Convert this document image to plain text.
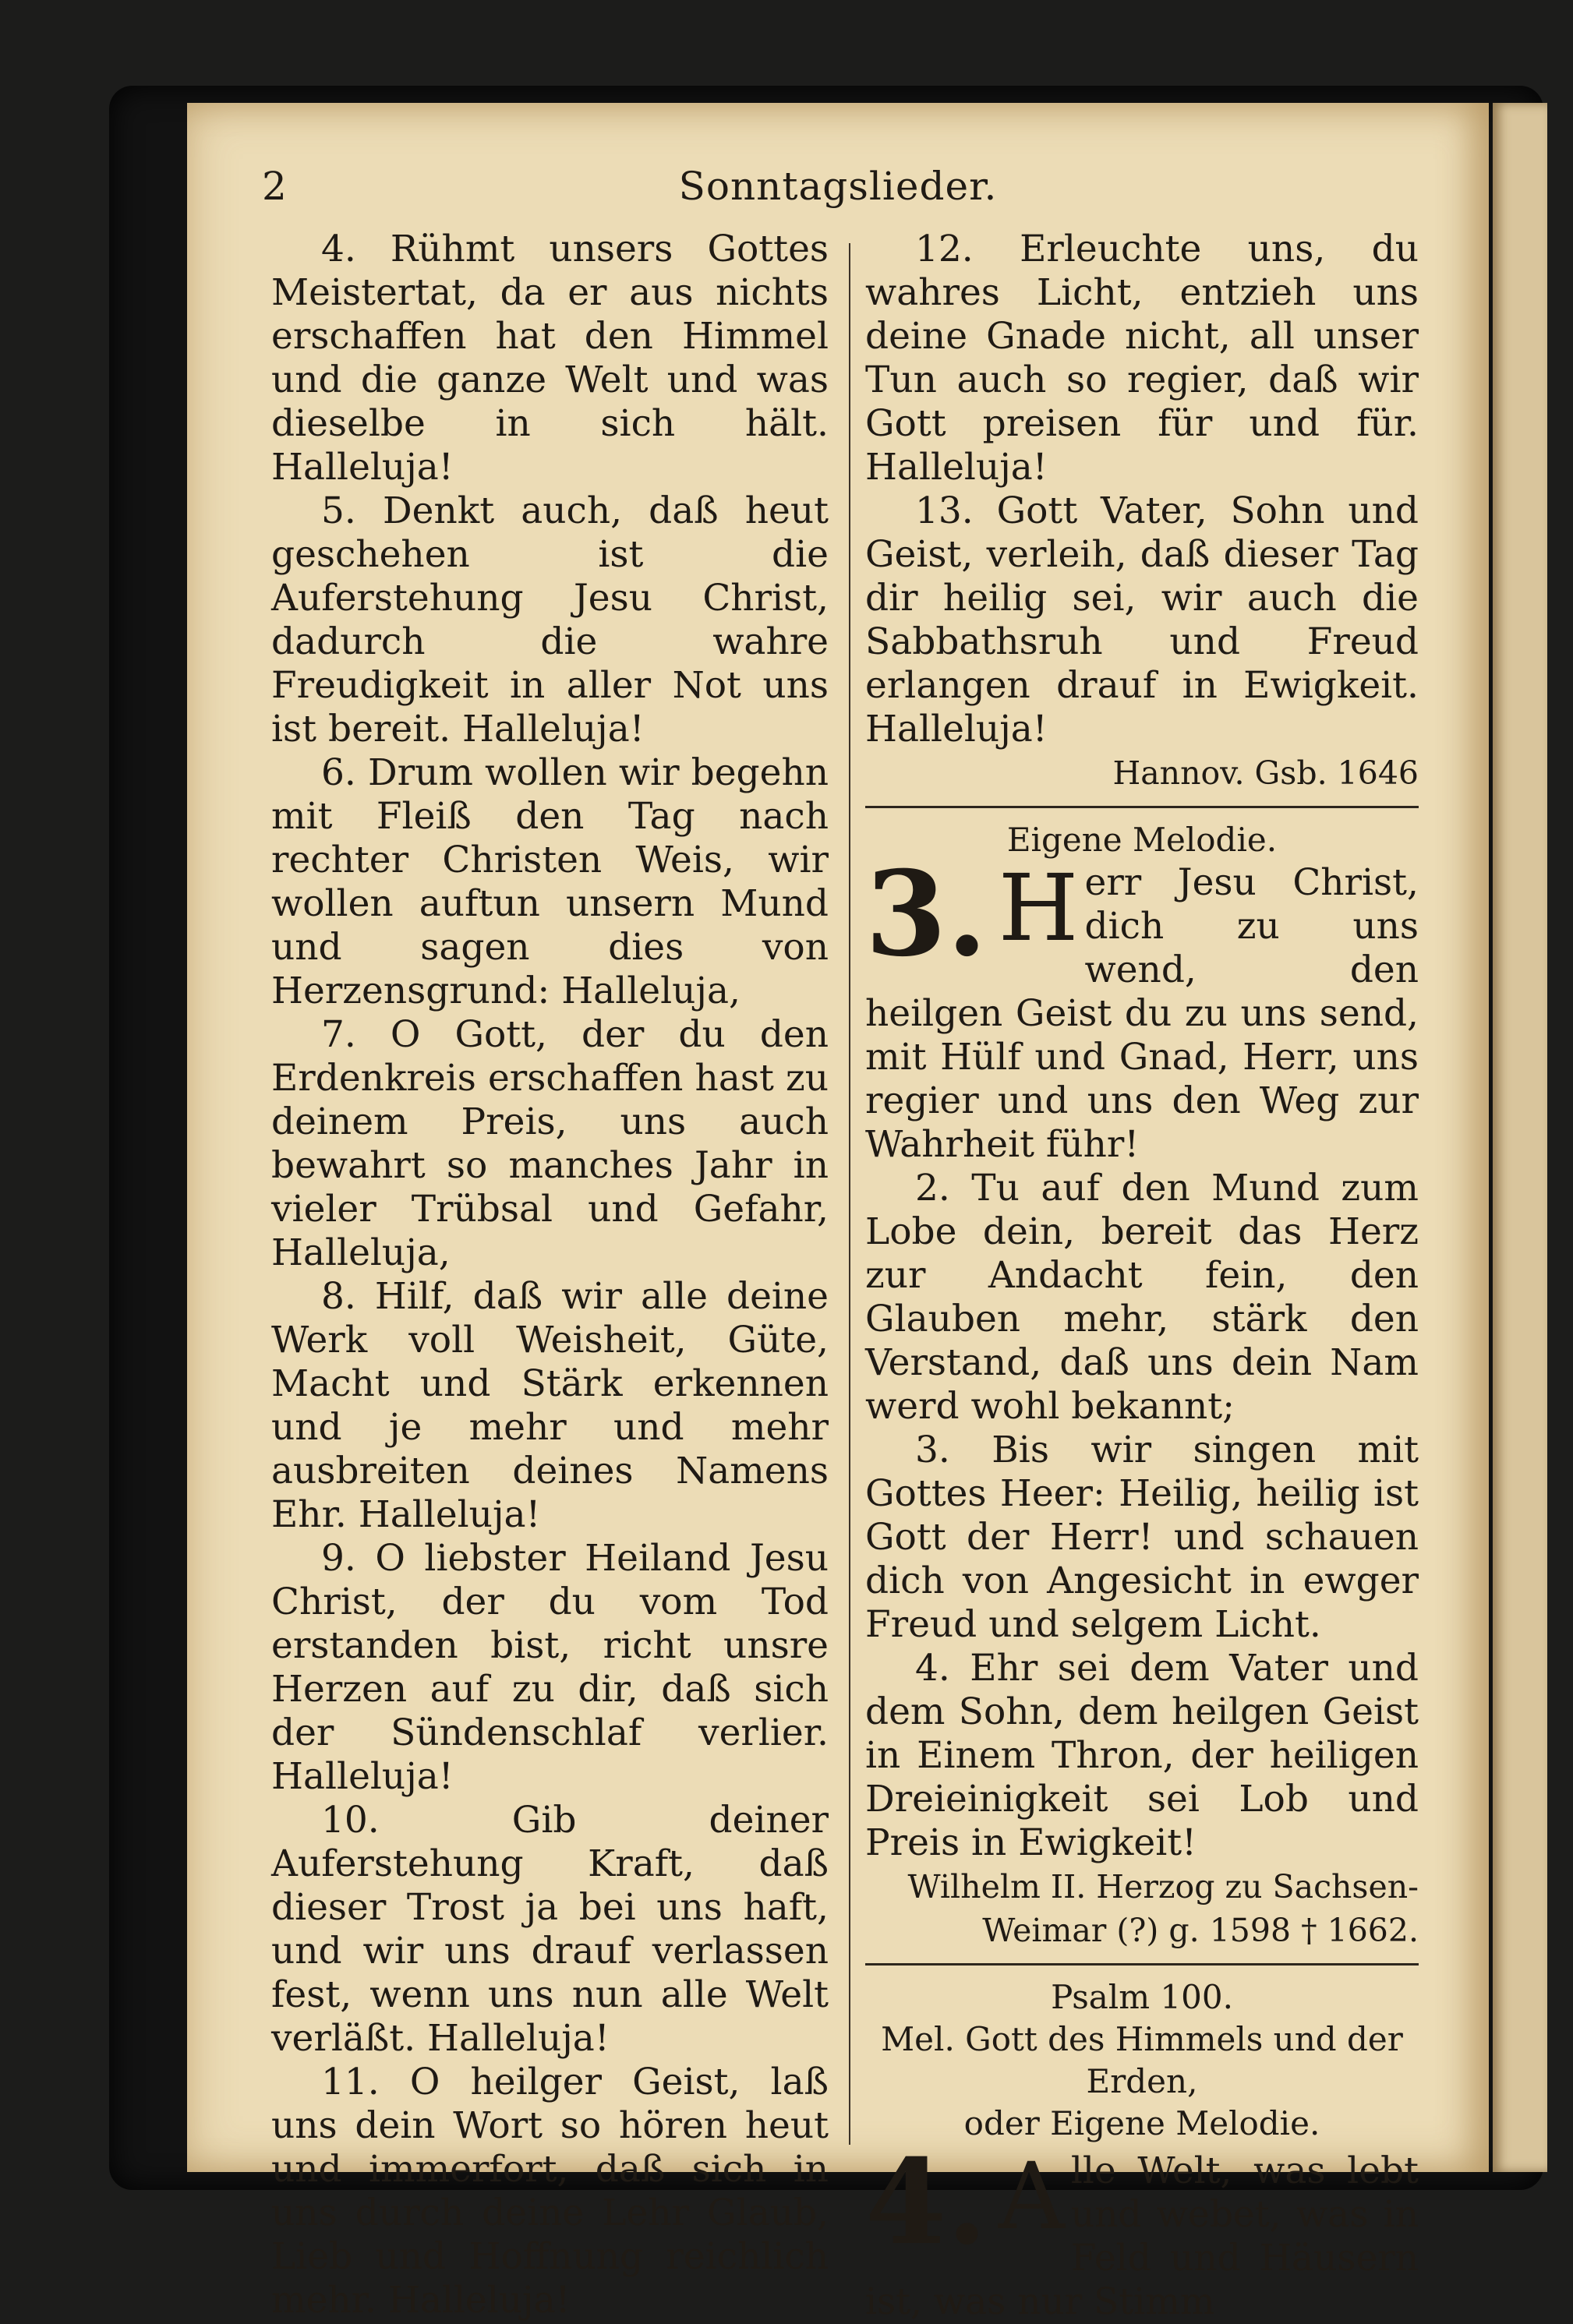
2	Sonntagslieder.

4. Rühmt unsers Gottes Meistertat, da er aus nichts erschaffen hat den Himmel und die ganze Welt und was dieselbe in sich hält. Halleluja!

5. Denkt auch, daß heut geschehen ist die Auferstehung Jesu Christ, dadurch die wahre Freudigkeit in aller Not uns ist bereit. Halleluja!

6. Drum wollen wir begehn mit Fleiß den Tag nach rechter Christen Weis, wir wollen auftun unsern Mund und sagen dies von Herzensgrund: Halleluja,

7. O Gott, der du den Erdenkreis erschaffen hast zu deinem Preis, uns auch bewahrt so manches Jahr in vieler Trübsal und Gefahr, Halleluja,

8. Hilf, daß wir alle deine Werk voll Weisheit, Güte, Macht und Stärk erkennen und je mehr und mehr ausbreiten deines Namens Ehr. Halleluja!

9. O liebster Heiland Jesu Christ, der du vom Tod erstanden bist, richt unsre Herzen auf zu dir, daß sich der Sündenschlaf verlier. Halleluja!

10. Gib deiner Auferstehung Kraft, daß dieser Trost ja bei uns haft, und wir uns drauf verlassen fest, wenn uns nun alle Welt verläßt. Halleluja!

11. O heilger Geist, laß uns dein Wort so hören heut und immerfort, daß sich in uns durch deine Lehr Glaub, Lieb und Hoffnung reichlich mehr. Halleluja!

12. Erleuchte uns, du wahres Licht, entzieh uns deine Gnade nicht, all unser Tun auch so regier, daß wir Gott preisen für und für. Halleluja!

13. Gott Vater, Sohn und Geist, verleih, daß dieser Tag dir heilig sei, wir auch die Sabbathsruh und Freud erlangen drauf in Ewigkeit. Halleluja!

Hannov. Gsb. 1646

Eigene Melodie.

3. H err Jesu Christ, dich zu uns wend, den heilgen Geist du zu uns send, mit Hülf und Gnad, Herr, uns regier und uns den Weg zur Wahrheit führ!

2. Tu auf den Mund zum Lobe dein, bereit das Herz zur Andacht fein, den Glauben mehr, stärk den Verstand, daß uns dein Nam werd wohl bekannt;

3. Bis wir singen mit Gottes Heer: Heilig, heilig ist Gott der Herr! und schauen dich von Angesicht in ewger Freud und selgem Licht.

4. Ehr sei dem Vater und dem Sohn, dem heilgen Geist in Einem Thron, der heiligen Dreieinigkeit sei Lob und Preis in Ewigkeit!

Wilhelm II. Herzog zu Sachsen-

Weimar (?) g. 1598 † 1662.

Psalm 100.

Mel. Gott des Himmels und der Erden,

oder Eigene Melodie.

4. A lle Welt, was lebt und webet, was in Feld und Häusern ist, was nur Stimm
